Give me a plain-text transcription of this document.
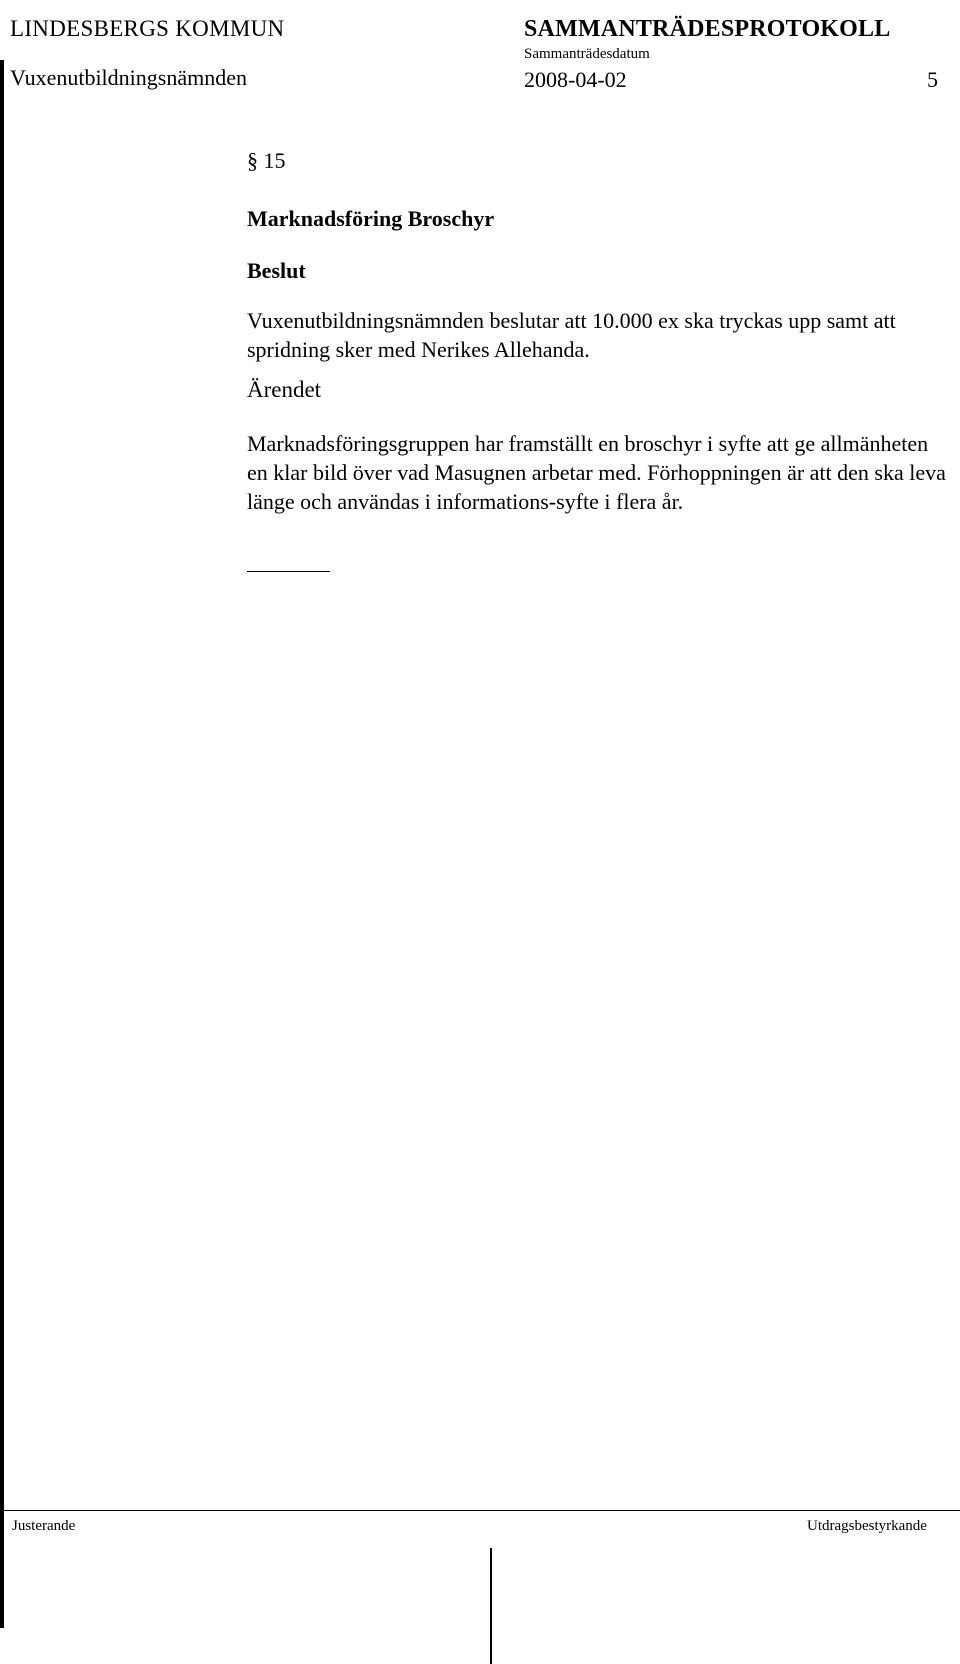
LINDESBERGS KOMMUN	SAMMANTRÄDESPROTOKOLL
Sammanträdesdatum
Vuxenutbildningsnämnden	2008-04-02	5
§ 15
Marknadsföring Broschyr
Beslut
Vuxenutbildningsnämnden beslutar att 10.000 ex ska tryckas upp samt att spridning sker med Nerikes Allehanda.
Ärendet
Marknadsföringsgruppen har framställt en broschyr i syfte att ge allmänheten en klar bild över vad Masugnen arbetar med. Förhoppningen är att den ska leva länge och användas i informations-syfte i flera år.
Justerande	Utdragsbestyrkande
